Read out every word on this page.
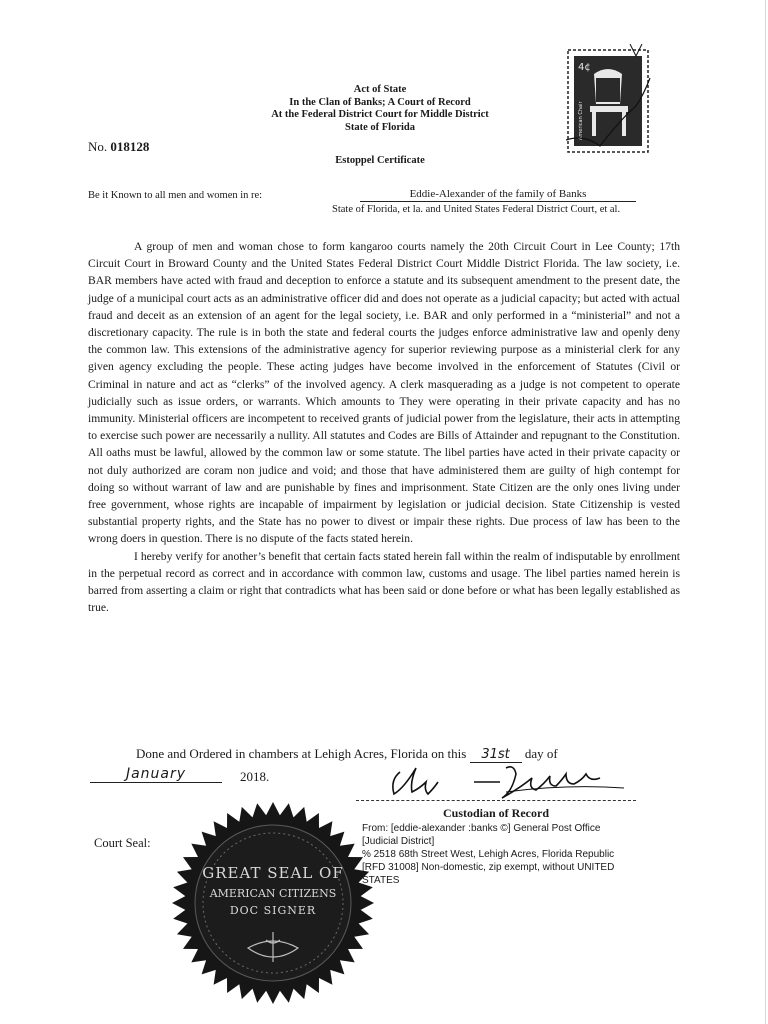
Act of State
In the Clan of Banks; A Court of Record
At the Federal District Court for Middle District
State of Florida
No. 018128
Estoppel Certificate
4¢
American Chair
Be it Known to all men and women in re:	Eddie-Alexander of the family of Banks
State of Florida, et la. and United States Federal District Court, et al.

A group of men and woman chose to form kangaroo courts namely the 20th Circuit Court in Lee County; 17th Circuit Court in Broward County and the United States Federal District Court Middle District Florida. The law society, i.e. BAR members have acted with fraud and deception to enforce a statute and its subsequent amendment to the present date, the judge of a municipal court acts as an administrative officer did and does not operate as a judicial capacity; but acted with actual fraud and deceit as an extension of an agent for the legal society, i.e. BAR and only performed in a “ministerial” and not a discretionary capacity. The rule is in both the state and federal courts the judges enforce administrative law and openly deny the common law. This extensions of the administrative agency for superior reviewing purpose as a ministerial clerk for any given agency excluding the people. These acting judges have become involved in the enforcement of Statutes (Civil or Criminal in nature and act as “clerks” of the involved agency. A clerk masquerading as a judge is not competent to operate judicially such as issue orders, or warrants. Which amounts to They were operating in their private capacity and has no immunity. Ministerial officers are incompetent to received grants of judicial power from the legislature, their acts in attempting to exercise such power are necessarily a nullity. All statutes and Codes are Bills of Attainder and repugnant to the Constitution. All oaths must be lawful, allowed by the common law or some statute. The libel parties have acted in their private capacity or not duly authorized are coram non judice and void; and those that have administered them are guilty of high contempt for doing so without warrant of law and are punishable by fines and imprisonment. State Citizen are the only ones living under free government, whose rights are incapable of impairment by legislation or judicial decision. State Citizenship is vested substantial property rights, and the State has no power to divest or impair these rights. Due process of law has been to the wrong doers in question. There is no dispute of the facts stated herein.

I hereby verify for another’s benefit that certain facts stated herein fall within the realm of indisputable by enrollment in the perpetual record as correct and in accordance with common law, customs and usage. The libel parties named herein is barred from asserting a claim or right that contradicts what has been said or done before or what has been legally established as true.

Done and Ordered in chambers at Lehigh Acres, Florida on this 31st day of
January	2018.
Custodian of Record
From: [eddie-alexander :banks ©] General Post Office
[Judicial District]
% 2518 68th Street West, Lehigh Acres, Florida Republic
[RFD 31008] Non-domestic, zip exempt, without UNITED
STATES
Court Seal:
GREAT SEAL OF
AMERICAN CITIZENS
DOC SIGNER
